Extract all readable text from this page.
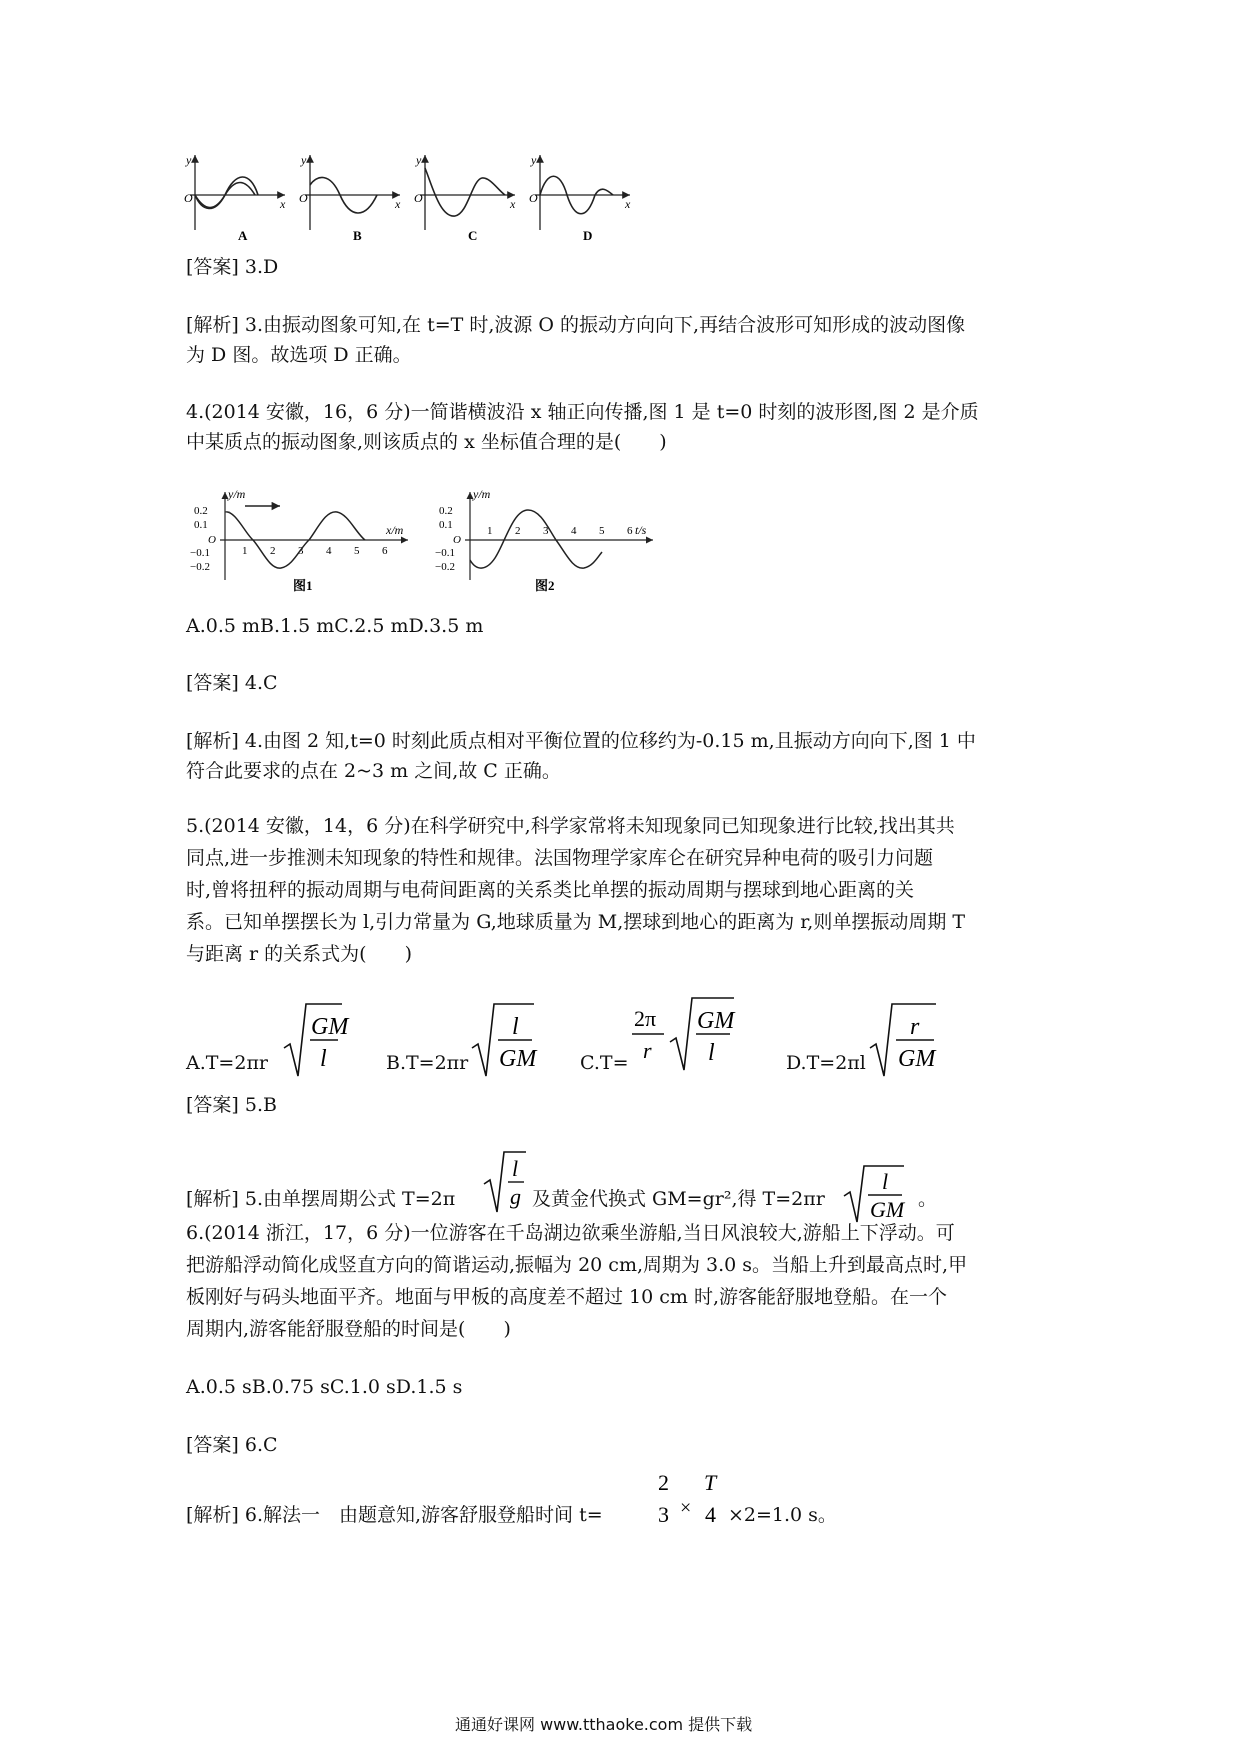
y
O	x
A
y
O	x
B
y
O	x
C
y
O	x
D
[答案] 3.D
[解析] 3.由振动图象可知,在 t=T 时,波源 O 的振动方向向下,再结合波形可知形成的波动图像
为 D 图。故选项 D 正确。
4.(2014 安徽，16，6 分)一简谐横波沿 x 轴正向传播,图 1 是 t=0 时刻的波形图,图 2 是介质
中某质点的振动图象,则该质点的 x 坐标值合理的是(　　)
y/m
x/m
0.2
0.1
O
−0.1
−0.2
1 2 3 4 5 6
图1
y/m
t/s
0.2
0.1
O
−0.1
−0.2
1 2 3 4 5 6
图2
A.0.5 mB.1.5 mC.2.5 mD.3.5 m
[答案] 4.C
[解析] 4.由图 2 知,t=0 时刻此质点相对平衡位置的位移约为-0.15 m,且振动方向向下,图 1 中
符合此要求的点在 2~3 m 之间,故 C 正确。
5.(2014 安徽，14，6 分)在科学研究中,科学家常将未知现象同已知现象进行比较,找出其共
同点,进一步推测未知现象的特性和规律。法国物理学家库仑在研究异种电荷的吸引力问题
时,曾将扭秤的振动周期与电荷间距离的关系类比单摆的振动周期与摆球到地心距离的关
系。已知单摆摆长为 l,引力常量为 G,地球质量为 M,摆球到地心的距离为 r,则单摆振动周期 T
与距离 r 的关系式为(　　)
A.T=2πr
GM
l	B.T=2πr
l
GM C.T=
2π
r
GM
l	D.T=2πl
r
GM
[答案] 5.B
[解析] 5.由单摆周期公式 T=2π
l
g 及黄金代换式 GM=gr²,得 T=2πr
l
GM 。
6.(2014 浙江，17，6 分)一位游客在千岛湖边欲乘坐游船,当日风浪较大,游船上下浮动。可
把游船浮动简化成竖直方向的简谐运动,振幅为 20 cm,周期为 3.0 s。当船上升到最高点时,甲
板刚好与码头地面平齐。地面与甲板的高度差不超过 10 cm 时,游客能舒服地登船。在一个
周期内,游客能舒服登船的时间是(　　)
A.0.5 sB.0.75 sC.1.0 sD.1.5 s
[答案] 6.C
[解析] 6.解法一　由题意知,游客舒服登船时间 t=
2
3 ×
T
4 ×2=1.0 s。
通通好课网 www.tthaoke.com 提供下载
